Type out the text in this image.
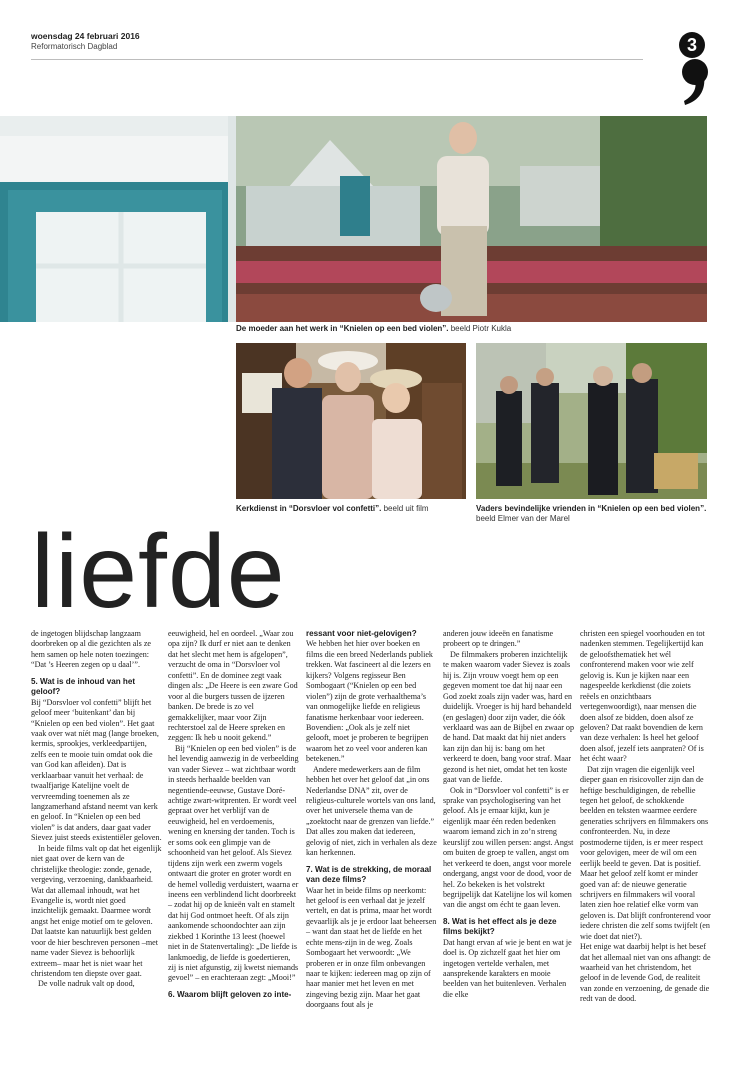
woensdag 24 februari 2016
Reformatorisch Dagblad	3
De moeder aan het werk in “Knielen op een bed violen”. beeld Piotr Kukla
Kerkdienst in “Dorsvloer vol confetti”. beeld uit film	Vaders bevindelijke vrienden in “Knielen op een bed violen”. beeld Elmer van der Marel
liefde

de ingetogen blijdschap langzaam doorbreken op al die gezichten als ze hem samen op hele noten toezingen: “Dat ’s Heeren zegen op u daal’”.

5. Wat is de inhoud van het geloof?

Bij “Dorsvloer vol confetti” blijft het geloof meer ‘buitenkant’ dan bij “Knielen op een bed violen”. Het gaat vaak over wat níét mag (lange broeken, kermis, sprookjes, verkleedpartijen, zelfs een te mooie tuin omdat ook die van God kan afleiden). Dat is verklaarbaar vanuit het verhaal: de twaalfjarige Katelijne voelt de vervreemding toenemen als ze langzamerhand afstand neemt van kerk en geloof. In “Knielen op een bed violen” is dat anders, daar gaat vader Sievez juist steeds existentiëler geloven.

In beide films valt op dat het eigenlijk niet gaat over de kern van de christelijke theologie: zonde, genade, vergeving, verzoening, dankbaarheid. Wat dat allemaal inhoudt, wat het Evangelie is, wordt niet goed inzichtelijk gemaakt. Daarmee wordt angst het enige motief om te geloven. Dat laatste kan natuurlijk best gelden voor de hier beschreven personen –met name vader Sievez is behoorlijk extreem– maar het is niet waar het christendom ten diepste over gaat.

De volle nadruk valt op dood,

eeuwigheid, hel en oordeel. „Waar zou opa zijn? Ik durf er niet aan te denken dat het slecht met hem is afgelopen”, verzucht de oma in “Dorsvloer vol confetti”. En de dominee zegt vaak dingen als: „De Heere is een zware God voor al die burgers tussen de ijzeren banken. De brede is zo vel gemakkelijker, maar voor Zijn rechterstoel zal de Heere spreken en zeggen: Ik heb u nooit gekend.”

Bij “Knielen op een bed violen” is de hel levendig aanwezig in de verbeelding van vader Sievez – wat zichtbaar wordt in steeds herhaalde beelden van negentiende-eeuwse, Gustave Doré-achtige zwart-witprenten. Er wordt veel gepraat over het verblijf van de eeuwigheid, hel en verdoemenis, wening en knersing der tanden. Toch is er soms ook een glimpje van de schoonheid van het geloof. Als Sievez tijdens zijn werk een zwerm vogels ontwaart die groter en groter wordt en de hemel volledig verduistert, waarna er ineens een verblindend licht doorbreekt – zodat hij op de knieën valt en stamelt dat hij God ontmoet heeft. Of als zijn aankomende schoondochter aan zijn ziekbed 1 Korinthe 13 leest (hoewel niet in de Statenvertaling): „De liefde is lankmoedig, de liefde is goedertieren, zij is niet afgunstig, zij kwetst niemands gevoel” – en erachteraan zegt: „Mooi!”

6. Waarom blijft geloven zo inte-
ressant voor niet-gelovigen?

We hebben het hier over boeken en films die een breed Nederlands publiek trekken. Wat fascineert al die lezers en kijkers? Volgens regisseur Ben Sombogaart (“Knielen op een bed violen”) zijn de grote verhaalthema’s van onmogelijke liefde en religieus fanatisme herkenbaar voor iedereen. Bovendien: „Ook als je zelf niet gelooft, moet je proberen te begrijpen waarom het zo veel voor anderen kan betekenen.”

Andere medewerkers aan de film hebben het over het geloof dat „in ons Nederlandse DNA” zit, over de religieus-culturele wortels van ons land, over het universele thema van de „zoektocht naar de grenzen van liefde.” Dat alles zou maken dat iedereen, gelovig of niet, zich in verhalen als deze kan herkennen.

7. Wat is de strekking, de moraal van deze films?

Waar het in beide films op neerkomt: het geloof is een verhaal dat je jezelf vertelt, en dat is prima, maar het wordt gevaarlijk als je je erdoor laat beheersen – want dan staat het de liefde en het echte mens-zijn in de weg. Zoals Sombogaart het verwoordt: „We proberen er in onze film onbevangen naar te kijken: iedereen mag op zijn of haar manier met het leven en met zingeving bezig zijn. Maar het gaat doorgaans fout als je

anderen jouw ideeën en fanatisme probeert op te dringen.”

De filmmakers proberen inzichtelijk te maken waarom vader Sievez is zoals hij is. Zijn vrouw voegt hem op een gegeven moment toe dat hij naar een God zoekt zoals zijn vader was, hard en duidelijk. Vroeger is hij hard behandeld (en geslagen) door zijn vader, die óók verklaard was aan de Bijbel en zwaar op de hand. Dat maakt dat hij niet anders kan zijn dan hij is: bang om het verkeerd te doen, bang voor straf. Maar gezond is het niet, omdat het ten koste gaat van de liefde.

Ook in “Dorsvloer vol confetti” is er sprake van psychologisering van het geloof. Als je ernaar kijkt, kun je eigenlijk maar één reden bedenken waarom iemand zich in zo’n streng keurslijf zou willen persen: angst. Angst om buiten de groep te vallen, angst om het verkeerd te doen, angst voor morele ondergang, angst voor de dood, voor de hel. Zo bekeken is het volstrekt begrijpelijk dat Katelijne los wil komen van die angst om écht te gaan leven.

8. Wat is het effect als je deze films bekijkt?

Dat hangt ervan af wie je bent en wat je doel is. Op zichzelf gaat het hier om ingetogen vertelde verhalen, met aansprekende karakters en mooie beelden van het buitenleven. Verhalen die elke

christen een spiegel voorhouden en tot nadenken stemmen. Tegelijkertijd kan de geloofsthematiek het wél confronterend maken voor wie zelf gelovig is. Kun je kijken naar een nagespeelde kerkdienst (die zoiets reëels en onzichtbaars vertegenwoordigt), naar mensen die doen alsof ze bidden, doen alsof ze geloven? Dat raakt bovendien de kern van deze verhalen: Is heel het geloof doen alsof, jezelf iets aanpraten? Of is het écht waar?

Dat zijn vragen die eigenlijk veel dieper gaan en risicovoller zijn dan de heftige beschuldigingen, de rebellie tegen het geloof, de schokkende beelden en teksten waarmee eerdere generaties schrijvers en filmmakers ons confronteerden. Nu, in deze postmoderne tijden, is er meer respect voor gelovigen, meer de wil om een eerlijk beeld te geven. Dat is positief. Maar het geloof zelf komt er minder goed van af: de nieuwe generatie schrijvers en filmmakers wil vooral laten zien hoe relatief elke vorm van geloven is. Dat blijft confronterend voor iedere christen die zelf soms twijfelt (en wie doet dat niet?).

Het enige wat daarbij helpt is het besef dat het allemaal niet van ons afhangt: de waarheid van het christendom, het geloof in de levende God, de realiteit van zonde en verzoening, de genade die redt van de dood.
